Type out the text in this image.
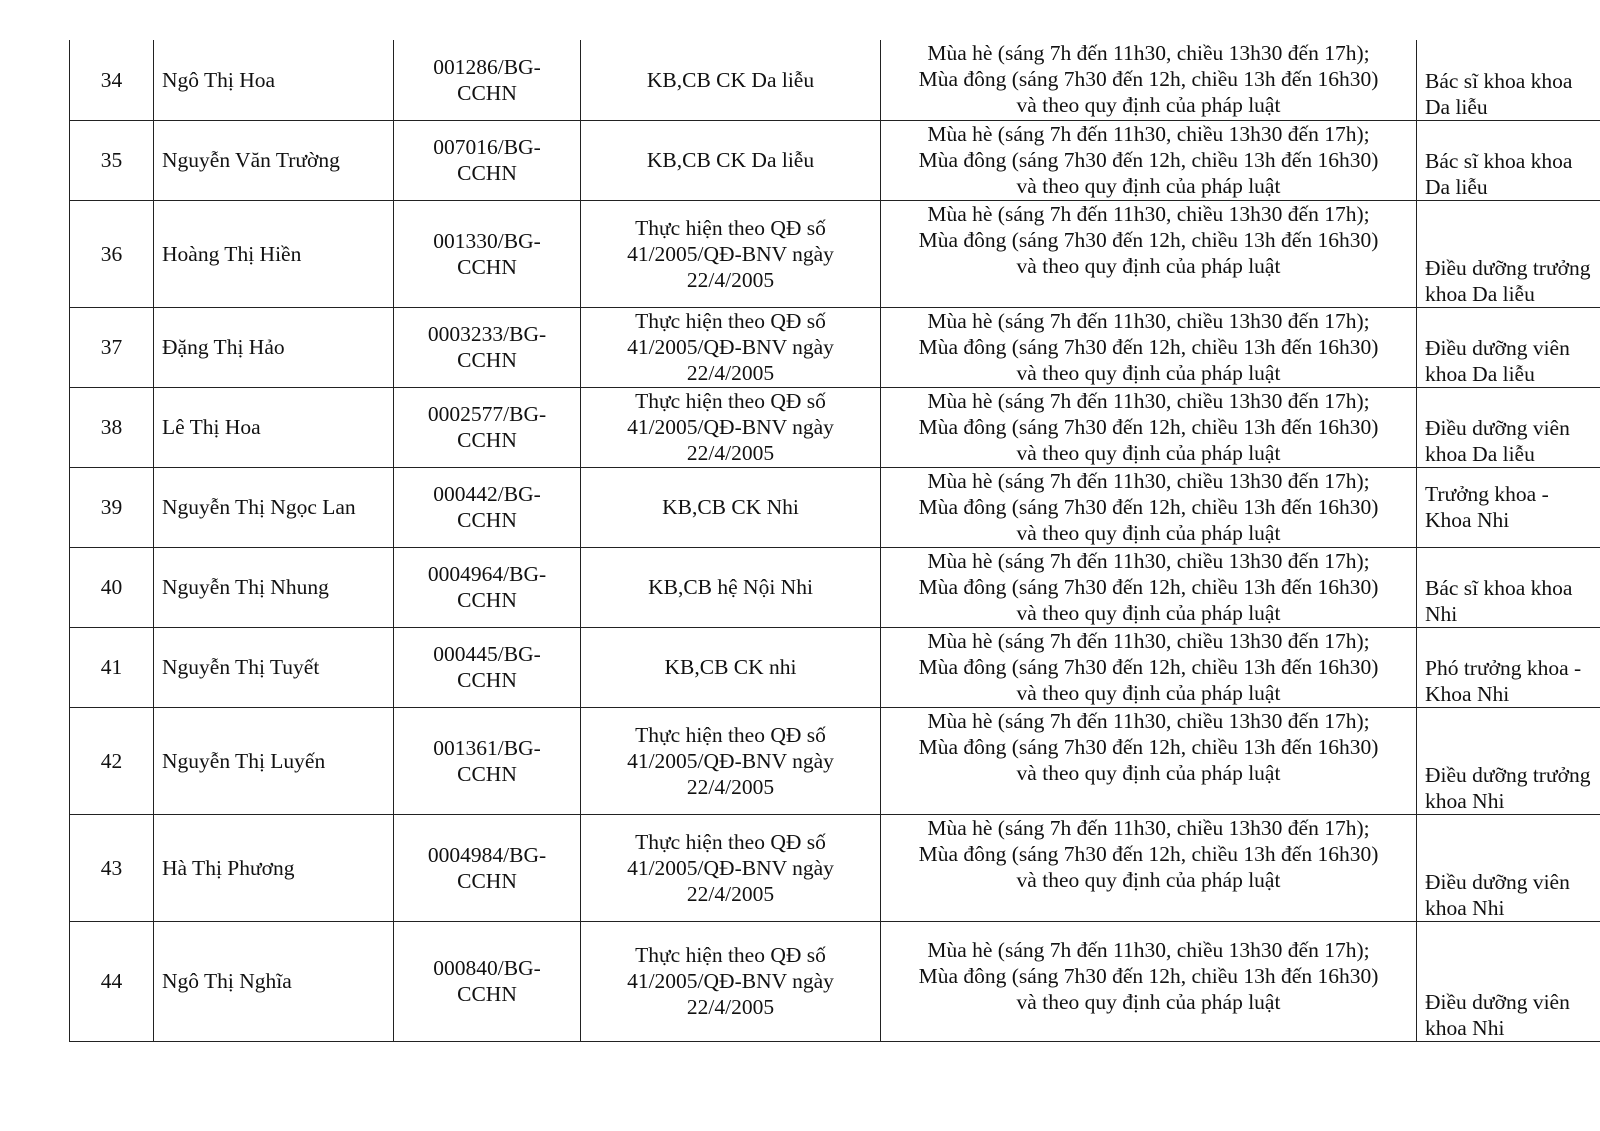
34	Ngô Thị Hoa	001286/BG-
CCHN	KB,CB CK Da liễu	Mùa hè (sáng 7h đến 11h30, chiều 13h30 đến 17h);
Mùa đông (sáng 7h30 đến 12h, chiều 13h đến 16h30)
và theo quy định của pháp luật	Bác sĩ khoa khoa
Da liễu

35	Nguyễn Văn Trường	007016/BG-
CCHN	KB,CB CK Da liễu	Mùa hè (sáng 7h đến 11h30, chiều 13h30 đến 17h);
Mùa đông (sáng 7h30 đến 12h, chiều 13h đến 16h30)
và theo quy định của pháp luật	Bác sĩ khoa khoa
Da liễu

36	Hoàng Thị Hiền	001330/BG-
CCHN	Thực hiện theo QĐ số
41/2005/QĐ-BNV ngày
22/4/2005	Mùa hè (sáng 7h đến 11h30, chiều 13h30 đến 17h);
Mùa đông (sáng 7h30 đến 12h, chiều 13h đến 16h30)
và theo quy định của pháp luật	Điều dưỡng trưởng
khoa Da liễu

37	Đặng Thị Hảo	0003233/BG-
CCHN	Thực hiện theo QĐ số
41/2005/QĐ-BNV ngày
22/4/2005	Mùa hè (sáng 7h đến 11h30, chiều 13h30 đến 17h);
Mùa đông (sáng 7h30 đến 12h, chiều 13h đến 16h30)
và theo quy định của pháp luật	Điều dưỡng viên
khoa Da liễu

38	Lê Thị Hoa	0002577/BG-
CCHN	Thực hiện theo QĐ số
41/2005/QĐ-BNV ngày
22/4/2005	Mùa hè (sáng 7h đến 11h30, chiều 13h30 đến 17h);
Mùa đông (sáng 7h30 đến 12h, chiều 13h đến 16h30)
và theo quy định của pháp luật	Điều dưỡng viên
khoa Da liễu

39	Nguyễn Thị Ngọc Lan	000442/BG-
CCHN	KB,CB CK Nhi	Mùa hè (sáng 7h đến 11h30, chiều 13h30 đến 17h);
Mùa đông (sáng 7h30 đến 12h, chiều 13h đến 16h30)
và theo quy định của pháp luật	Trưởng khoa -
Khoa Nhi

40	Nguyễn Thị Nhung	0004964/BG-
CCHN	KB,CB hệ Nội Nhi	Mùa hè (sáng 7h đến 11h30, chiều 13h30 đến 17h);
Mùa đông (sáng 7h30 đến 12h, chiều 13h đến 16h30)
và theo quy định của pháp luật	Bác sĩ khoa khoa
Nhi

41	Nguyễn Thị Tuyết	000445/BG-
CCHN	KB,CB CK nhi	Mùa hè (sáng 7h đến 11h30, chiều 13h30 đến 17h);
Mùa đông (sáng 7h30 đến 12h, chiều 13h đến 16h30)
và theo quy định của pháp luật	Phó trưởng khoa -
Khoa Nhi

42	Nguyễn Thị Luyến	001361/BG-
CCHN	Thực hiện theo QĐ số
41/2005/QĐ-BNV ngày
22/4/2005	Mùa hè (sáng 7h đến 11h30, chiều 13h30 đến 17h);
Mùa đông (sáng 7h30 đến 12h, chiều 13h đến 16h30)
và theo quy định của pháp luật	Điều dưỡng trưởng
khoa Nhi

43	Hà Thị Phương	0004984/BG-
CCHN	Thực hiện theo QĐ số
41/2005/QĐ-BNV ngày
22/4/2005	Mùa hè (sáng 7h đến 11h30, chiều 13h30 đến 17h);
Mùa đông (sáng 7h30 đến 12h, chiều 13h đến 16h30)
và theo quy định của pháp luật	Điều dưỡng viên
khoa Nhi

44	Ngô Thị Nghĩa	000840/BG-
CCHN	Thực hiện theo QĐ số
41/2005/QĐ-BNV ngày
22/4/2005	Mùa hè (sáng 7h đến 11h30, chiều 13h30 đến 17h);
Mùa đông (sáng 7h30 đến 12h, chiều 13h đến 16h30)
và theo quy định của pháp luật	Điều dưỡng viên
khoa Nhi
